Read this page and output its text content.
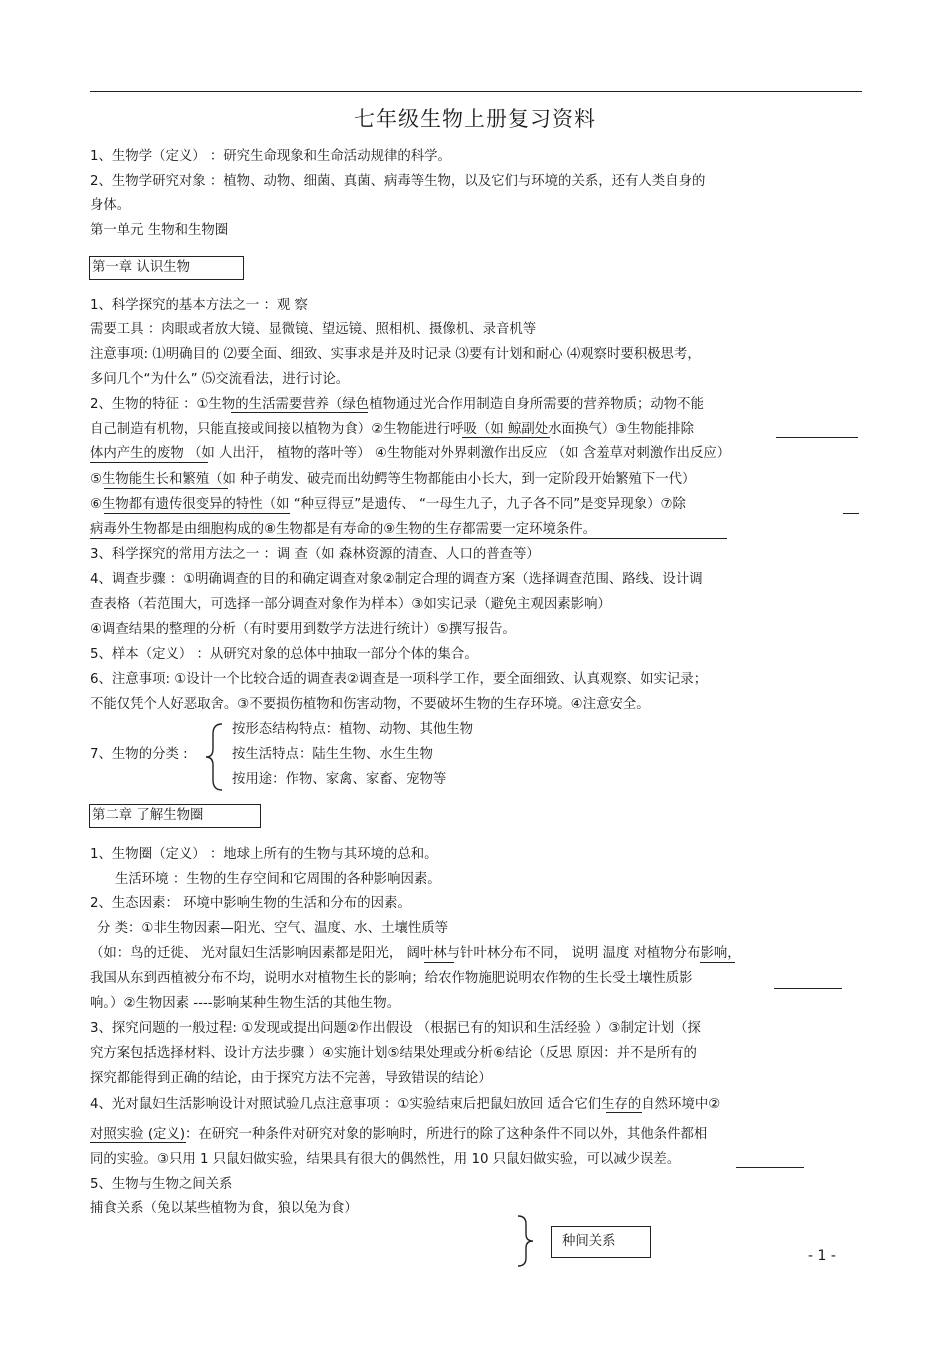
七年级生物上册复习资料
1、生物学（定义） ：研究生命现象和生命活动规律的科学。
2、生物学研究对象 ：植物、动物、细菌、真菌、病毒等生物，以及它们与环境的关系，还有人类自身的
身体。
第一单元 生物和生物圈
第一章 认识生物
1、科学探究的基本方法之一 ：观 察
需要工具 ：肉眼或者放大镜、显微镜、望远镜、照相机、摄像机、录音机等
注意事项: ⑴明确目的 ⑵要全面、细致、实事求是并及时记录 ⑶要有计划和耐心 ⑷观察时要积极思考，
多问几个“为什么” ⑸交流看法，进行讨论。
2、生物的特征 ：①生物的生活需要营养（绿色植物通过光合作用制造自身所需要的营养物质；动物不能
自己制造有机物，只能直接或间接以植物为食）②生物能进行呼吸（如 鲸副处水面换气）③生物能排除
体内产生的废物 （如 人出汗， 植物的落叶等） ④生物能对外界刺激作出反应 （如 含羞草对刺激作出反应）
⑤生物能生长和繁殖（如 种子萌发、破壳而出幼鳄等生物都能由小长大，到一定阶段开始繁殖下一代）
⑥生物都有遗传很变异的特性（如 “种豆得豆”是遗传、 “一母生九子，九子各不同”是变异现象）⑦除
病毒外生物都是由细胞构成的⑧生物都是有寿命的⑨生物的生存都需要一定环境条件。
3、科学探究的常用方法之一 ：调 查（如 森林资源的清查、人口的普查等）
4、调查步骤 ：①明确调查的目的和确定调查对象②制定合理的调查方案（选择调查范围、路线、设计调
查表格（若范围大，可选择一部分调查对象作为样本）③如实记录（避免主观因素影响）
④调查结果的整理的分析（有时要用到数学方法进行统计）⑤撰写报告。
5、样本（定义） ：从研究对象的总体中抽取一部分个体的集合。
6、注意事项: ①设计一个比较合适的调查表②调查是一项科学工作，要全面细致、认真观察、如实记录；
不能仅凭个人好恶取舍。③不要损伤植物和伤害动物，不要破坏生物的生存环境。④注意安全。
7、生物的分类 :
按形态结构特点：植物、动物、其他生物
按生活特点：陆生生物、水生生物
按用途：作物、家禽、家畜、宠物等
第二章 了解生物圈
1、生物圈（定义） ：地球上所有的生物与其环境的总和。
生活环境 ：生物的生存空间和它周围的各种影响因素。
2、生态因素： 环境中影响生物的生活和分布的因素。
分 类：①非生物因素—阳光、空气、温度、水、土壤性质等
（如：鸟的迁徙、 光对鼠妇生活影响因素都是阳光， 阔叶林与针叶林分布不同， 说明 温度 对植物分布影响，
我国从东到西植被分布不均，说明水对植物生长的影响；给农作物施肥说明农作物的生长受土壤性质影
响。）②生物因素 ----影响某种生物生活的其他生物。
3、探究问题的一般过程: ①发现或提出问题②作出假设 （根据已有的知识和生活经验 ）③制定计划（探
究方案包括选择材料、设计方法步骤 ）④实施计划⑤结果处理或分析⑥结论（反思 原因：并不是所有的
探究都能得到正确的结论，由于探究方法不完善，导致错误的结论）
4、光对鼠妇生活影响设计对照试验几点注意事项 ：①实验结束后把鼠妇放回 适合它们生存的自然环境中②
对照实验 (定义)：在研究一种条件对研究对象的影响时，所进行的除了这种条件不同以外，其他条件都相
同的实验。③只用 1 只鼠妇做实验，结果具有很大的偶然性，用 10 只鼠妇做实验，可以减少误差。
5、生物与生物之间关系
捕食关系（兔以某些植物为食，狼以兔为食）
种间关系
- 1 -
